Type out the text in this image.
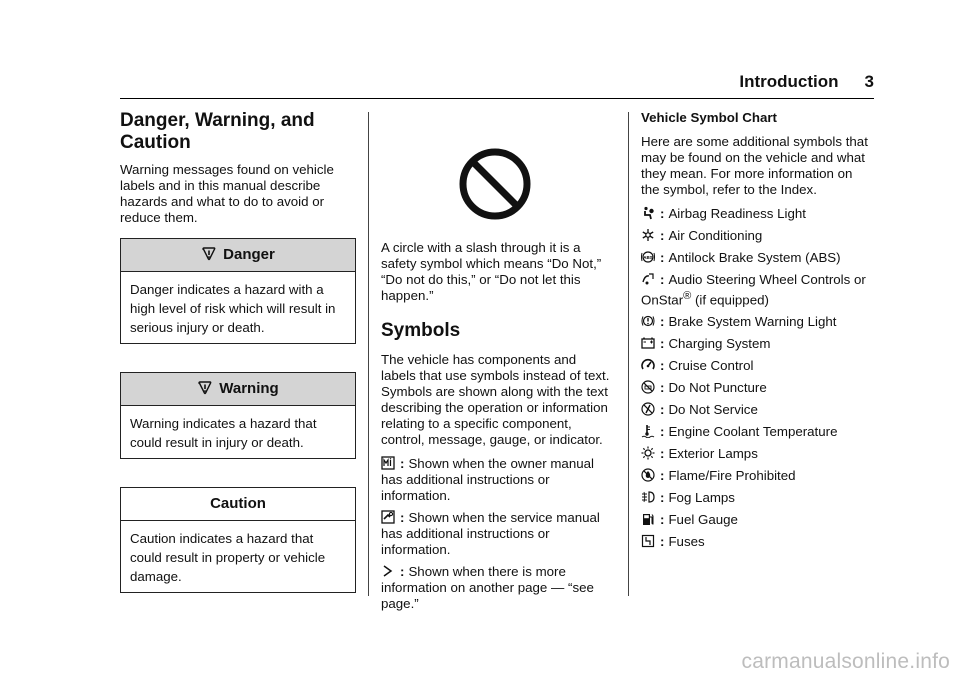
Introduction 3
Danger, Warning, and Caution

Warning messages found on vehicle labels and in this manual describe hazards and what to do to avoid or reduce them.

Danger

Danger indicates a hazard with a high level of risk which will result in serious injury or death.

Warning

Warning indicates a hazard that could result in injury or death.

Caution

Caution indicates a hazard that could result in property or vehicle damage.

A circle with a slash through it is a safety symbol which means “Do Not,” “Do not do this,” or “Do not let this happen.”

Symbols

The vehicle has components and labels that use symbols instead of text. Symbols are shown along with the text describing the operation or information relating to a specific component, control, message, gauge, or indicator.

: Shown when the owner manual has additional instructions or information.

: Shown when the service manual has additional instructions or information.

: Shown when there is more information on another page — “see page.”

Vehicle Symbol Chart

Here are some additional symbols that may be found on the vehicle and what they mean. For more information on the symbol, refer to the Index.

: Airbag Readiness Light
: Air Conditioning
ABS : Antilock Brake System (ABS)
: Audio Steering Wheel Controls or OnStar® (if equipped)
: Brake System Warning Light
: Charging System
: Cruise Control
: Do Not Puncture
: Do Not Service
: Engine Coolant Temperature
: Exterior Lamps
: Flame/Fire Prohibited
: Fog Lamps
: Fuel Gauge
: Fuses
carmanualsonline.info
